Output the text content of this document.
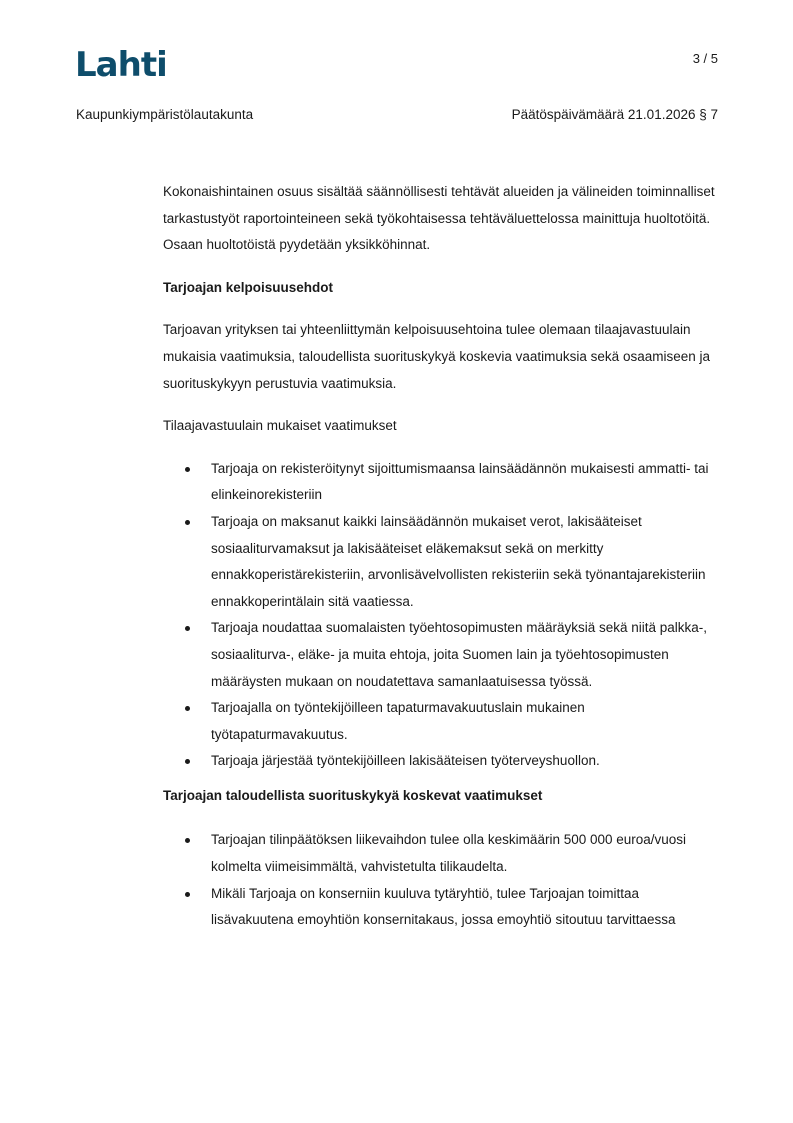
Lahti	3 / 5
Kaupunkiympäristölautakunta	Päätöspäivämäärä 21.01.2026 § 7

Kokonaishintainen osuus sisältää säännöllisesti tehtävät alueiden ja välineiden toiminnalliset tarkastustyöt raportointeineen sekä työkohtaisessa tehtäväluettelossa mainittuja huoltotöitä. Osaan huoltotöistä pyydetään yksikköhinnat.

Tarjoajan kelpoisuusehdot

Tarjoavan yrityksen tai yhteenliittymän kelpoisuusehtoina tulee olemaan tilaajavastuulain mukaisia vaatimuksia, taloudellista suorituskykyä koskevia vaatimuksia sekä osaamiseen ja suorituskykyyn perustuvia vaatimuksia.

Tilaajavastuulain mukaiset vaatimukset

Tarjoaja on rekisteröitynyt sijoittumismaansa lainsäädännön mukaisesti ammatti- tai elinkeinorekisteriin
Tarjoaja on maksanut kaikki lainsäädännön mukaiset verot, lakisääteiset sosiaaliturvamaksut ja lakisääteiset eläkemaksut sekä on merkitty ennakkoperistärekisteriin, arvonlisävelvollisten rekisteriin sekä työnantajarekisteriin ennakkoperintälain sitä vaatiessa.
Tarjoaja noudattaa suomalaisten työehtosopimusten määräyksiä sekä niitä palkka-, sosiaaliturva-, eläke- ja muita ehtoja, joita Suomen lain ja työehtosopimusten määräysten mukaan on noudatettava samanlaatuisessa työssä.
Tarjoajalla on työntekijöilleen tapaturmavakuutuslain mukainen työtapaturmavakuutus.
Tarjoaja järjestää työntekijöilleen lakisääteisen työterveyshuollon.

Tarjoajan taloudellista suorituskykyä koskevat vaatimukset

Tarjoajan tilinpäätöksen liikevaihdon tulee olla keskimäärin 500 000 euroa/vuosi kolmelta viimeisimmältä, vahvistetulta tilikaudelta.
Mikäli Tarjoaja on konserniin kuuluva tytäryhtiö, tulee Tarjoajan toimittaa lisävakuutena emoyhtiön konsernitakaus, jossa emoyhtiö sitoutuu tarvittaessa
